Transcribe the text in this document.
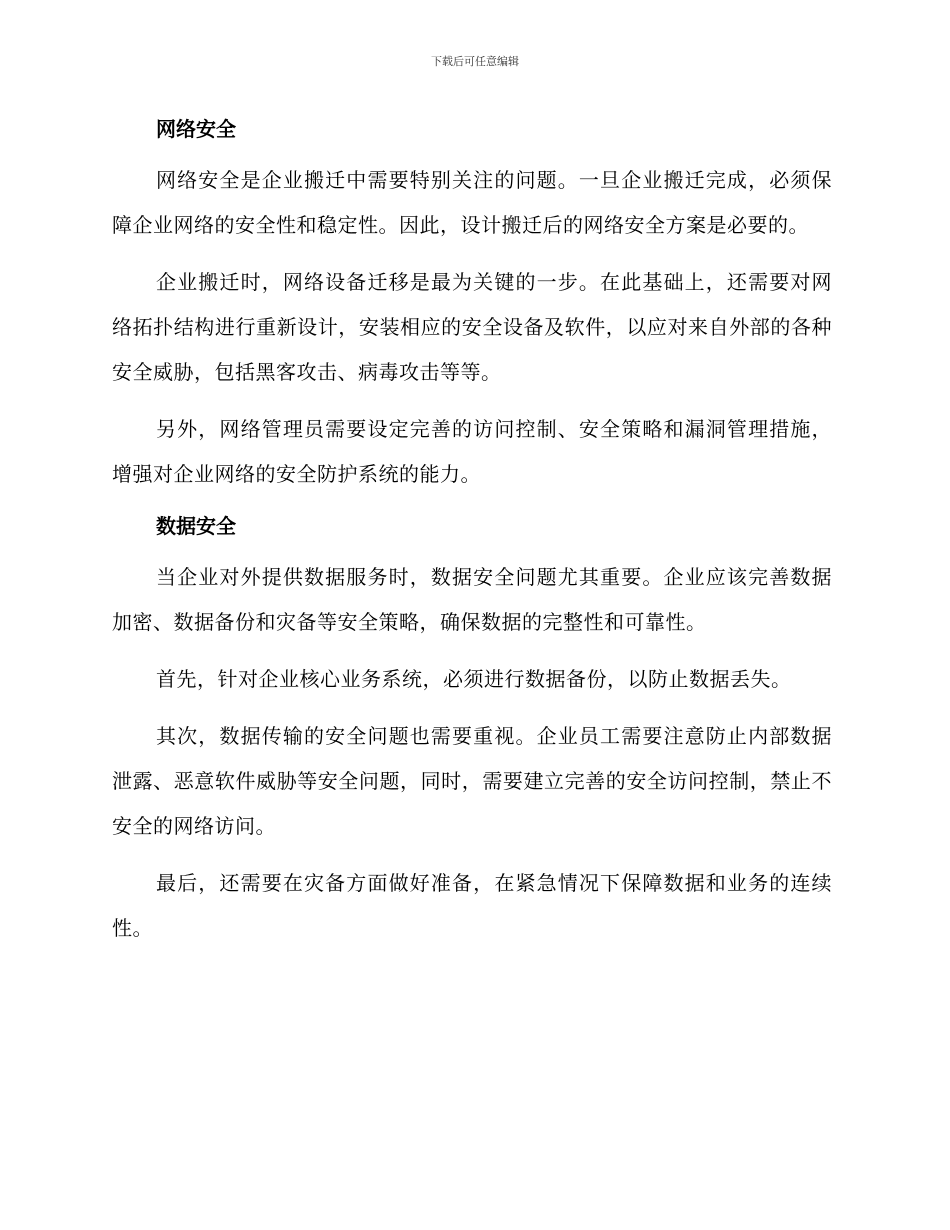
下载后可任意编辑
网络安全

网络安全是企业搬迁中需要特别关注的问题。一旦企业搬迁完成，必须保障企业网络的安全性和稳定性。因此，设计搬迁后的网络安全方案是必要的。

企业搬迁时，网络设备迁移是最为关键的一步。在此基础上，还需要对网络拓扑结构进行重新设计，安装相应的安全设备及软件，以应对来自外部的各种安全威胁，包括黑客攻击、病毒攻击等等。

另外，网络管理员需要设定完善的访问控制、安全策略和漏洞管理措施，增强对企业网络的安全防护系统的能力。

数据安全

当企业对外提供数据服务时，数据安全问题尤其重要。企业应该完善数据加密、数据备份和灾备等安全策略，确保数据的完整性和可靠性。

首先，针对企业核心业务系统，必须进行数据备份，以防止数据丢失。

其次，数据传输的安全问题也需要重视。企业员工需要注意防止内部数据泄露、恶意软件威胁等安全问题，同时，需要建立完善的安全访问控制，禁止不安全的网络访问。

最后，还需要在灾备方面做好准备，在紧急情况下保障数据和业务的连续性。
